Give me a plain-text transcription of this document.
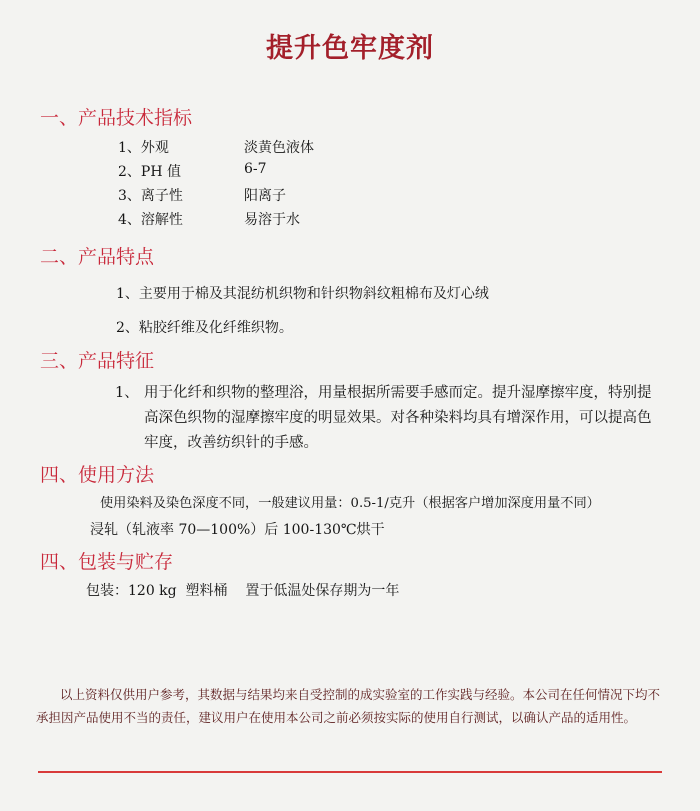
提升色牢度剂
一、产品技术指标
1、外观	淡黄色液体
2、PH 值	6-7
3、离子性	阳离子
4、溶解性	易溶于水
二、产品特点
1、主要用于棉及其混纺机织物和针织物斜纹粗棉布及灯心绒
2、粘胶纤维及化纤维织物。
三、产品特征
1、 用于化纤和织物的整理浴，用量根据所需要手感而定。提升湿摩擦牢度，特别提高深色织物的湿摩擦牢度的明显效果。对各种染料均具有增深作用，可以提高色牢度，改善纺织针的手感。
四、使用方法
使用染料及染色深度不同，一般建议用量：0.5-1/克升（根据客户增加深度用量不同）
浸轧（轧液率 70—100%）后 100-130℃烘干
四、包装与贮存
包装：120 kg  塑料桶    置于低温处保存期为一年
以上资料仅供用户参考，其数据与结果均来自受控制的成实验室的工作实践与经验。本公司在任何情况下均不承担因产品使用不当的责任，建议用户在使用本公司之前必须按实际的使用自行测试，以确认产品的适用性。
